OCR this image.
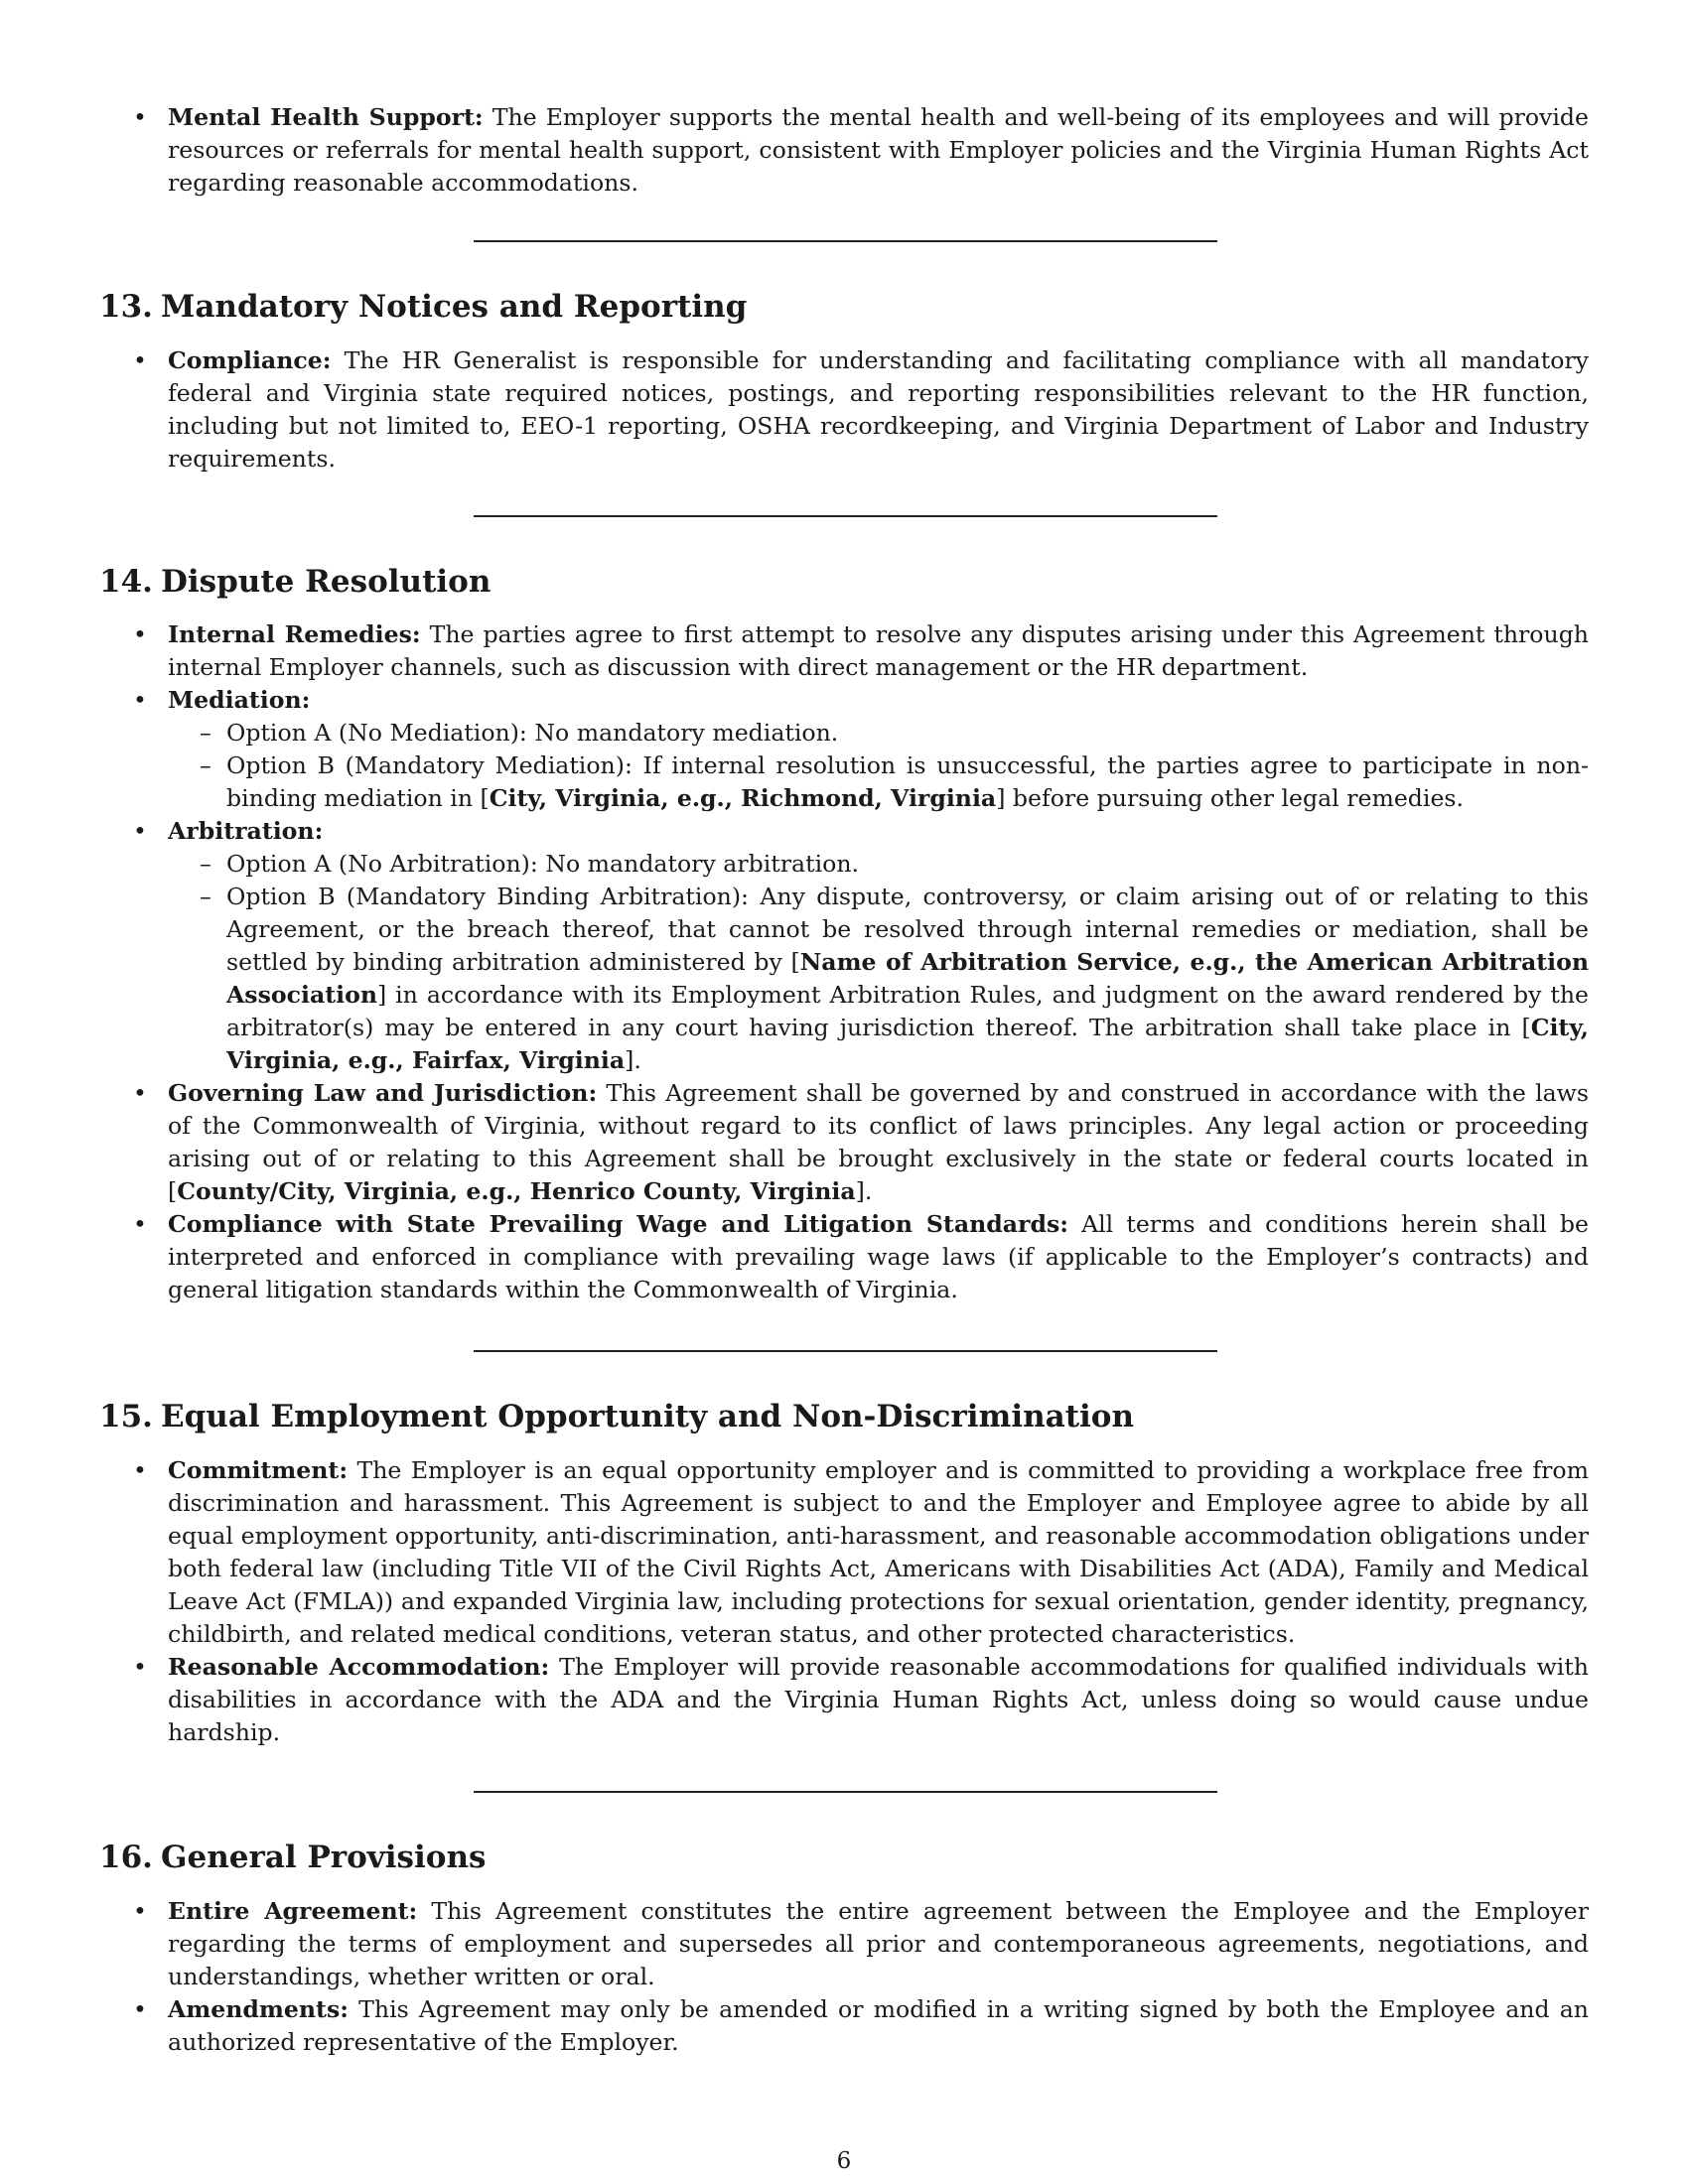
• Mental Health Support: The Employer supports the mental health and well-being of its employees and will provide resources or referrals for mental health support, consistent with Employer policies and the Virginia Human Rights Act regarding reasonable accommodations.
13. Mandatory Notices and Reporting
• Compliance: The HR Generalist is responsible for understanding and facilitating compliance with all mandatory federal and Virginia state required notices, postings, and reporting responsibilities relevant to the HR function, including but not limited to, EEO-1 reporting, OSHA recordkeeping, and Virginia Department of Labor and Industry requirements.
14. Dispute Resolution
• Internal Remedies: The parties agree to first attempt to resolve any disputes arising under this Agreement through internal Employer channels, such as discussion with direct management or the HR department.
• Mediation:
– Option A (No Mediation): No mandatory mediation.
– Option B (Mandatory Mediation): If internal resolution is unsuccessful, the parties agree to participate in non-binding mediation in [City, Virginia, e.g., Richmond, Virginia] before pursuing other legal remedies.
• Arbitration:
– Option A (No Arbitration): No mandatory arbitration.
– Option B (Mandatory Binding Arbitration): Any dispute, controversy, or claim arising out of or relating to this Agreement, or the breach thereof, that cannot be resolved through internal remedies or mediation, shall be settled by binding arbitration administered by [Name of Arbitration Service, e.g., the American Arbitration Association] in accordance with its Employment Arbitration Rules, and judgment on the award rendered by the arbitrator(s) may be entered in any court having jurisdiction thereof. The arbitration shall take place in [City, Virginia, e.g., Fairfax, Virginia].
• Governing Law and Jurisdiction: This Agreement shall be governed by and construed in accordance with the laws of the Commonwealth of Virginia, without regard to its conflict of laws principles. Any legal action or proceeding arising out of or relating to this Agreement shall be brought exclusively in the state or federal courts located in [County/City, Virginia, e.g., Henrico County, Virginia].
• Compliance with State Prevailing Wage and Litigation Standards: All terms and conditions herein shall be interpreted and enforced in compliance with prevailing wage laws (if applicable to the Employer’s contracts) and general litigation standards within the Commonwealth of Virginia.
15. Equal Employment Opportunity and Non-Discrimination
• Commitment: The Employer is an equal opportunity employer and is committed to providing a workplace free from discrimination and harassment. This Agreement is subject to and the Employer and Employee agree to abide by all equal employment opportunity, anti-discrimination, anti-harassment, and reasonable accommodation obligations under both federal law (including Title VII of the Civil Rights Act, Americans with Disabilities Act (ADA), Family and Medical Leave Act (FMLA)) and expanded Virginia law, including protections for sexual orientation, gender identity, pregnancy, childbirth, and related medical conditions, veteran status, and other protected characteristics.
• Reasonable Accommodation: The Employer will provide reasonable accommodations for qualified individuals with disabilities in accordance with the ADA and the Virginia Human Rights Act, unless doing so would cause undue hardship.
16. General Provisions
• Entire Agreement: This Agreement constitutes the entire agreement between the Employee and the Employer regarding the terms of employment and supersedes all prior and contemporaneous agreements, negotiations, and understandings, whether written or oral.
• Amendments: This Agreement may only be amended or modified in a writing signed by both the Employee and an authorized representative of the Employer.
6
